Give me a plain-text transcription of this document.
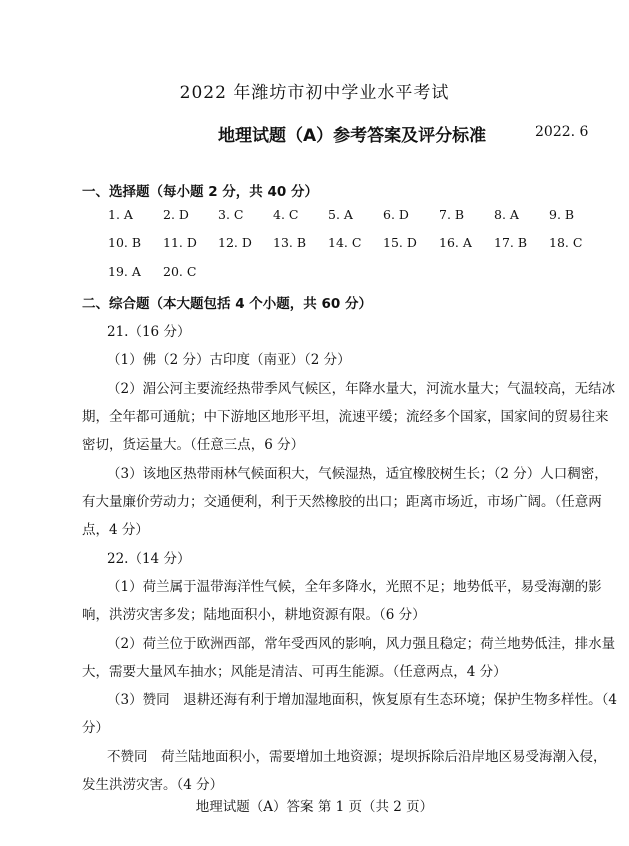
2022 年潍坊市初中学业水平考试
地理试题（A）参考答案及评分标准	2022. 6
一、选择题（每小题 2 分，共 40 分）
1. A 2. D 3. C 4. C 5. A 6. D 7. B 8. A 9. B
10. B 11. D 12. D 13. B 14. C 15. D 16. A 17. B 18. C
19. A 20. C
二、综合题（本大题包括 4 个小题，共 60 分）
21.（16 分）
（1）佛（2 分）古印度（南亚）（2 分）
（2）湄公河主要流经热带季风气候区，年降水量大，河流水量大；气温较高，无结冰
期，全年都可通航；中下游地区地形平坦，流速平缓；流经多个国家，国家间的贸易往来
密切，货运量大。（任意三点，6 分）
（3）该地区热带雨林气候面积大，气候湿热，适宜橡胶树生长；（2 分）人口稠密，
有大量廉价劳动力；交通便利，利于天然橡胶的出口；距离市场近，市场广阔。（任意两
点，4 分）
22.（14 分）
（1）荷兰属于温带海洋性气候，全年多降水，光照不足；地势低平，易受海潮的影
响，洪涝灾害多发；陆地面积小，耕地资源有限。（6 分）
（2）荷兰位于欧洲西部，常年受西风的影响，风力强且稳定；荷兰地势低洼，排水量
大，需要大量风车抽水；风能是清洁、可再生能源。（任意两点，4 分）
（3）赞同　退耕还海有利于增加湿地面积，恢复原有生态环境；保护生物多样性。（4
分）
不赞同　荷兰陆地面积小，需要增加土地资源；堤坝拆除后沿岸地区易受海潮入侵，
发生洪涝灾害。（4 分）
地理试题（A）答案 第 1 页（共 2 页）
